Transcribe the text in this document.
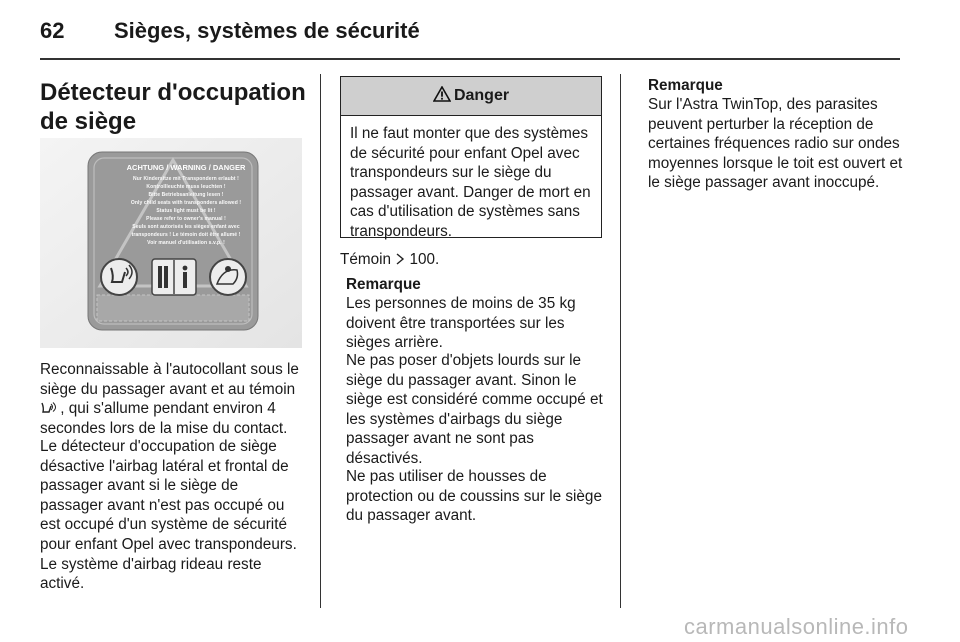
62 Sièges, systèmes de sécurité
Détecteur d'occupation de siège
ACHTUNG / WARNING / DANGER
Nur Kindersitze mit Transpondern erlaubt !
Kontrollleuchte muss leuchten !
Bitte Betriebsanleitung lesen !
Only child seats with transponders allowed !
Status light must be lit !
Please refer to owner's manual !
Seuls sont autorisés les sièges enfant avec
transpondeurs ! Le témoin doit être allumé !
Voir manuel d'utilisation s.v.p. !
Reconnaissable à l'autocollant sous le siège du passager avant et au témoin  , qui s'allume pendant environ 4 secondes lors de la mise du contact.
Le détecteur d'occupation de siège désactive l'airbag latéral et frontal de passager avant si le siège de passager avant n'est pas occupé ou est occupé d'un système de sécurité pour enfant Opel avec transpondeurs. Le système d'airbag rideau reste activé.
Danger
Il ne faut monter que des systèmes de sécurité pour enfant Opel avec transpondeurs sur le siège du passager avant. Danger de mort en cas d'utilisation de systèmes sans transpondeurs.
Témoin 100.
Remarque
Les personnes de moins de 35 kg doivent être transportées sur les sièges arrière.
Ne pas poser d'objets lourds sur le siège du passager avant. Sinon le siège est considéré comme occupé et les systèmes d'airbags du siège passager avant ne sont pas désactivés.
Ne pas utiliser de housses de protection ou de coussins sur le siège du passager avant.
Remarque
Sur l'Astra TwinTop, des parasites peuvent perturber la réception de certaines fréquences radio sur ondes moyennes lorsque le toit est ouvert et le siège passager avant inoccupé.
carmanualsonline.info
